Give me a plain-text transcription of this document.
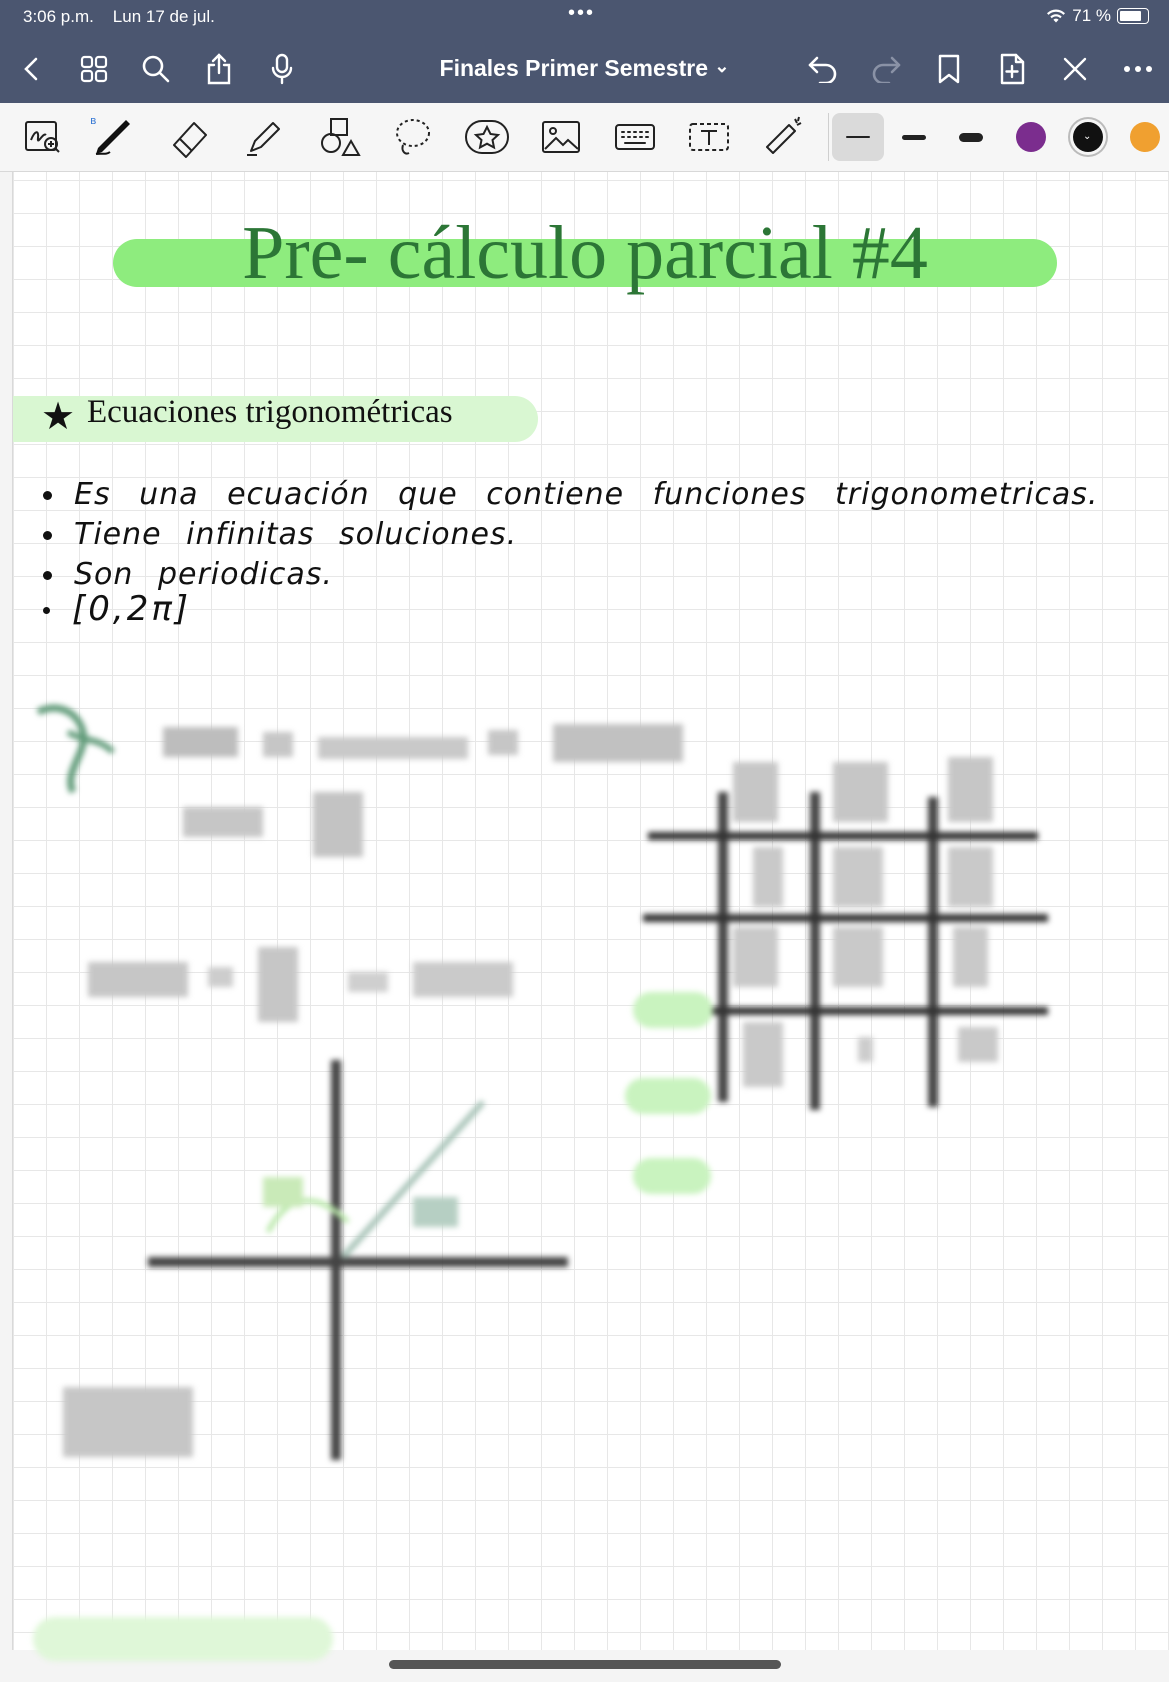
3:06 p.m. Lun 17 de jul.	•••	71 %
Finales Primer Semestre ⌄
ʙ
⌄
Pre- cálculo parcial #4
★ Ecuaciones trigonométricas
Es una ecuación que contiene funciones trigonometricas.
Tiene infinitas soluciones.
Son periodicas.
[0,2π]
